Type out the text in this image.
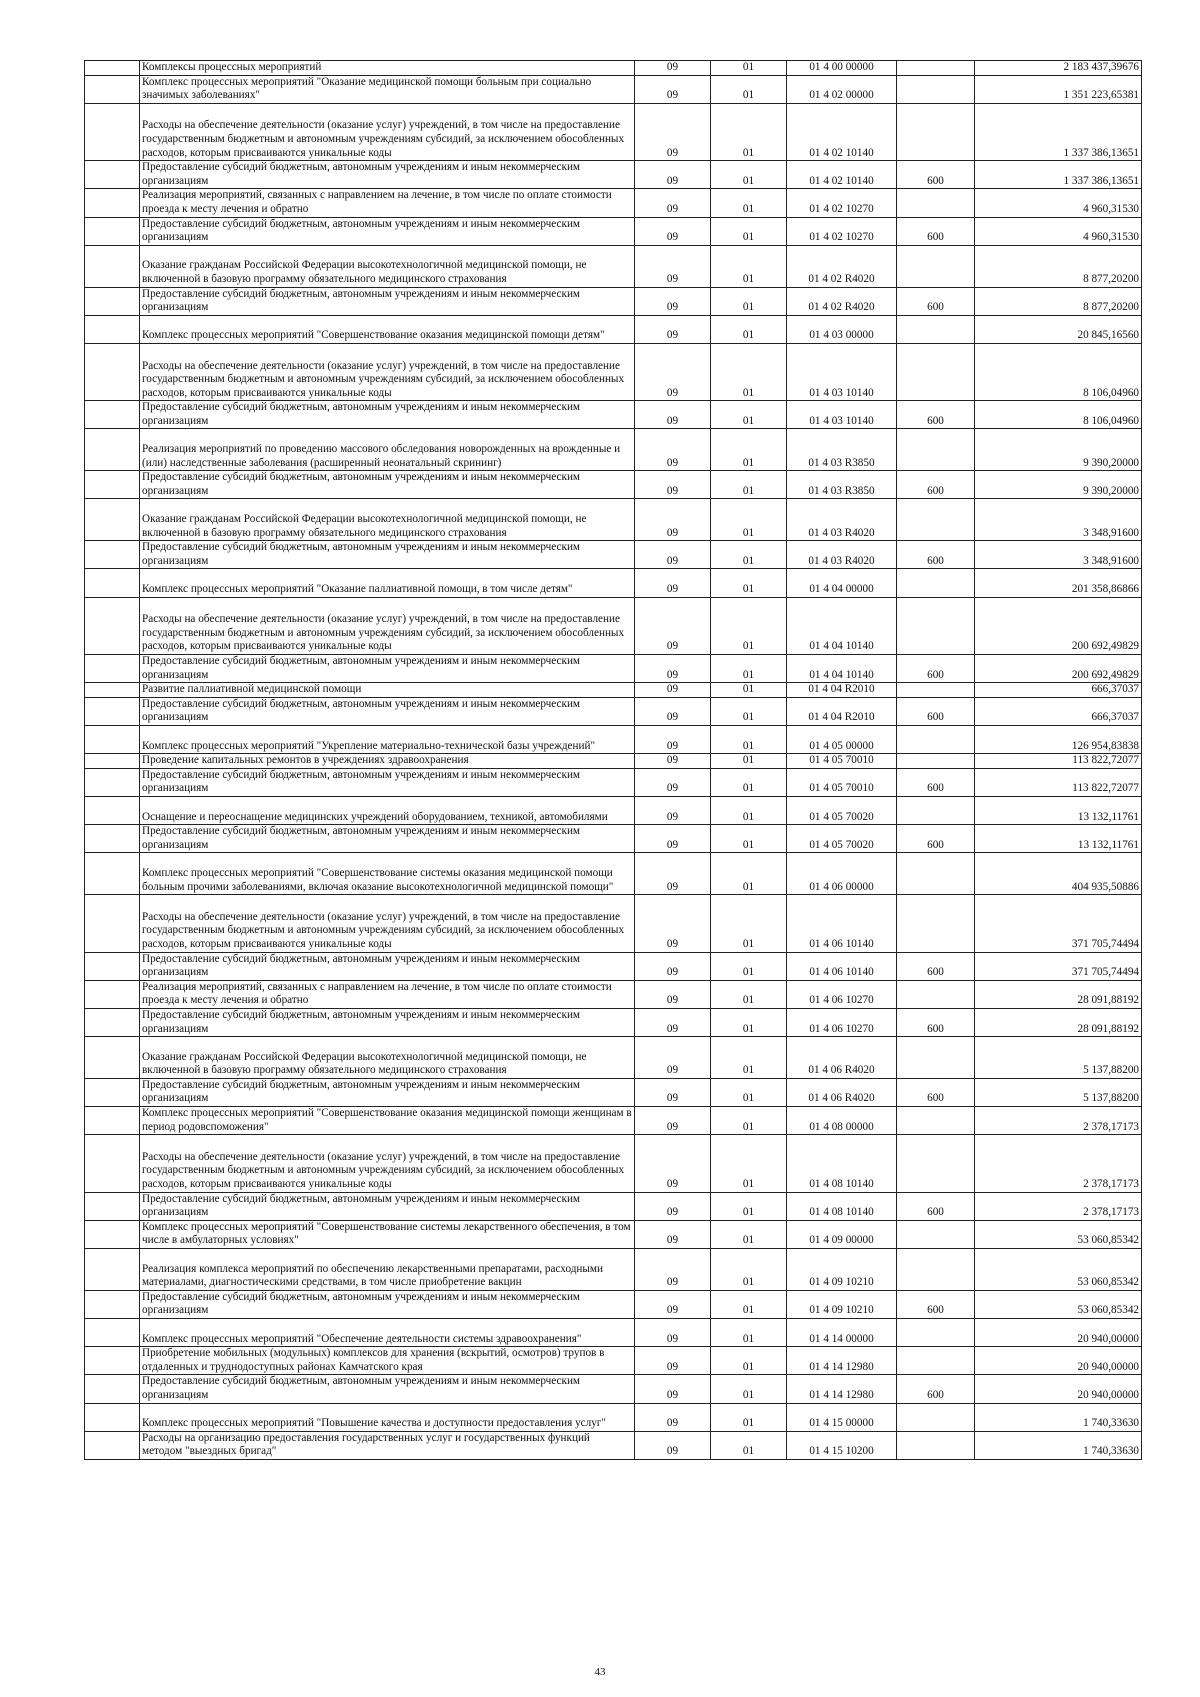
	Комплексы процессных мероприятий	09	01	01 4 00 00000		2 183 437,39676
	Комплекс процессных мероприятий "Оказание медицинской помощи больным при социально значимых заболеваниях"	09	01	01 4 02 00000		1 351 223,65381
	Расходы на обеспечение деятельности (оказание услуг) учреждений, в том числе на предоставление государственным бюджетным и автономным учреждениям субсидий, за исключением обособленных расходов, которым присваиваются уникальные коды	09	01	01 4 02 10140		1 337 386,13651
	Предоставление субсидий бюджетным, автономным учреждениям и иным некоммерческим организациям	09	01	01 4 02 10140	600	1 337 386,13651
	Реализация мероприятий, связанных с направлением на лечение, в том числе по оплате стоимости проезда к месту лечения и обратно	09	01	01 4 02 10270		4 960,31530
	Предоставление субсидий бюджетным, автономным учреждениям и иным некоммерческим организациям	09	01	01 4 02 10270	600	4 960,31530
	Оказание гражданам Российской Федерации высокотехнологичной медицинской помощи, не включенной в базовую программу обязательного медицинского страхования	09	01	01 4 02 R4020		8 877,20200
	Предоставление субсидий бюджетным, автономным учреждениям и иным некоммерческим организациям	09	01	01 4 02 R4020	600	8 877,20200
	Комплекс процессных мероприятий "Совершенствование оказания медицинской помощи детям"	09	01	01 4 03 00000		20 845,16560
	Расходы на обеспечение деятельности (оказание услуг) учреждений, в том числе на предоставление государственным бюджетным и автономным учреждениям субсидий, за исключением обособленных расходов, которым присваиваются уникальные коды	09	01	01 4 03 10140		8 106,04960
	Предоставление субсидий бюджетным, автономным учреждениям и иным некоммерческим организациям	09	01	01 4 03 10140	600	8 106,04960
	Реализация мероприятий по проведению массового обследования новорожденных на врожденные и (или) наследственные заболевания (расширенный неонатальный скрининг)	09	01	01 4 03 R3850		9 390,20000
	Предоставление субсидий бюджетным, автономным учреждениям и иным некоммерческим организациям	09	01	01 4 03 R3850	600	9 390,20000
	Оказание гражданам Российской Федерации высокотехнологичной медицинской помощи, не включенной в базовую программу обязательного медицинского страхования	09	01	01 4 03 R4020		3 348,91600
	Предоставление субсидий бюджетным, автономным учреждениям и иным некоммерческим организациям	09	01	01 4 03 R4020	600	3 348,91600
	Комплекс процессных мероприятий "Оказание паллиативной помощи, в том числе детям"	09	01	01 4 04 00000		201 358,86866
	Расходы на обеспечение деятельности (оказание услуг) учреждений, в том числе на предоставление государственным бюджетным и автономным учреждениям субсидий, за исключением обособленных расходов, которым присваиваются уникальные коды	09	01	01 4 04 10140		200 692,49829
	Предоставление субсидий бюджетным, автономным учреждениям и иным некоммерческим организациям	09	01	01 4 04 10140	600	200 692,49829
	Развитие паллиативной медицинской помощи	09	01	01 4 04 R2010		666,37037
	Предоставление субсидий бюджетным, автономным учреждениям и иным некоммерческим организациям	09	01	01 4 04 R2010	600	666,37037
	Комплекс процессных мероприятий "Укрепление материально-технической базы учреждений"	09	01	01 4 05 00000		126 954,83838
	Проведение капитальных ремонтов в учреждениях здравоохранения	09	01	01 4 05 70010		113 822,72077
	Предоставление субсидий бюджетным, автономным учреждениям и иным некоммерческим организациям	09	01	01 4 05 70010	600	113 822,72077
	Оснащение и переоснащение медицинских учреждений оборудованием, техникой, автомобилями	09	01	01 4 05 70020		13 132,11761
	Предоставление субсидий бюджетным, автономным учреждениям и иным некоммерческим организациям	09	01	01 4 05 70020	600	13 132,11761
	Комплекс процессных мероприятий "Совершенствование системы оказания медицинской помощи больным прочими заболеваниями, включая оказание высокотехнологичной медицинской помощи"	09	01	01 4 06 00000		404 935,50886
	Расходы на обеспечение деятельности (оказание услуг) учреждений, в том числе на предоставление государственным бюджетным и автономным учреждениям субсидий, за исключением обособленных расходов, которым присваиваются уникальные коды	09	01	01 4 06 10140		371 705,74494
	Предоставление субсидий бюджетным, автономным учреждениям и иным некоммерческим организациям	09	01	01 4 06 10140	600	371 705,74494
	Реализация мероприятий, связанных с направлением на лечение, в том числе по оплате стоимости проезда к месту лечения и обратно	09	01	01 4 06 10270		28 091,88192
	Предоставление субсидий бюджетным, автономным учреждениям и иным некоммерческим организациям	09	01	01 4 06 10270	600	28 091,88192
	Оказание гражданам Российской Федерации высокотехнологичной медицинской помощи, не включенной в базовую программу обязательного медицинского страхования	09	01	01 4 06 R4020		5 137,88200
	Предоставление субсидий бюджетным, автономным учреждениям и иным некоммерческим организациям	09	01	01 4 06 R4020	600	5 137,88200
	Комплекс процессных мероприятий "Совершенствование оказания медицинской помощи женщинам в период родовспоможения"	09	01	01 4 08 00000		2 378,17173
	Расходы на обеспечение деятельности (оказание услуг) учреждений, в том числе на предоставление государственным бюджетным и автономным учреждениям субсидий, за исключением обособленных расходов, которым присваиваются уникальные коды	09	01	01 4 08 10140		2 378,17173
	Предоставление субсидий бюджетным, автономным учреждениям и иным некоммерческим организациям	09	01	01 4 08 10140	600	2 378,17173
	Комплекс процессных мероприятий "Совершенствование системы лекарственного обеспечения, в том числе в амбулаторных условиях"	09	01	01 4 09 00000		53 060,85342
	Реализация комплекса мероприятий по обеспечению лекарственными препаратами, расходными материалами, диагностическими средствами, в том числе приобретение вакцин	09	01	01 4 09 10210		53 060,85342
	Предоставление субсидий бюджетным, автономным учреждениям и иным некоммерческим организациям	09	01	01 4 09 10210	600	53 060,85342
	Комплекс процессных мероприятий "Обеспечение деятельности системы здравоохранения"	09	01	01 4 14 00000		20 940,00000
	Приобретение мобильных (модульных) комплексов для хранения (вскрытий, осмотров) трупов в отдаленных и труднодоступных районах Камчатского края	09	01	01 4 14 12980		20 940,00000
	Предоставление субсидий бюджетным, автономным учреждениям и иным некоммерческим организациям	09	01	01 4 14 12980	600	20 940,00000
	Комплекс процессных мероприятий "Повышение качества и доступности предоставления услуг"	09	01	01 4 15 00000		1 740,33630
	Расходы на организацию предоставления государственных услуг и государственных функций методом "выездных бригад"	09	01	01 4 15 10200		1 740,33630
43
